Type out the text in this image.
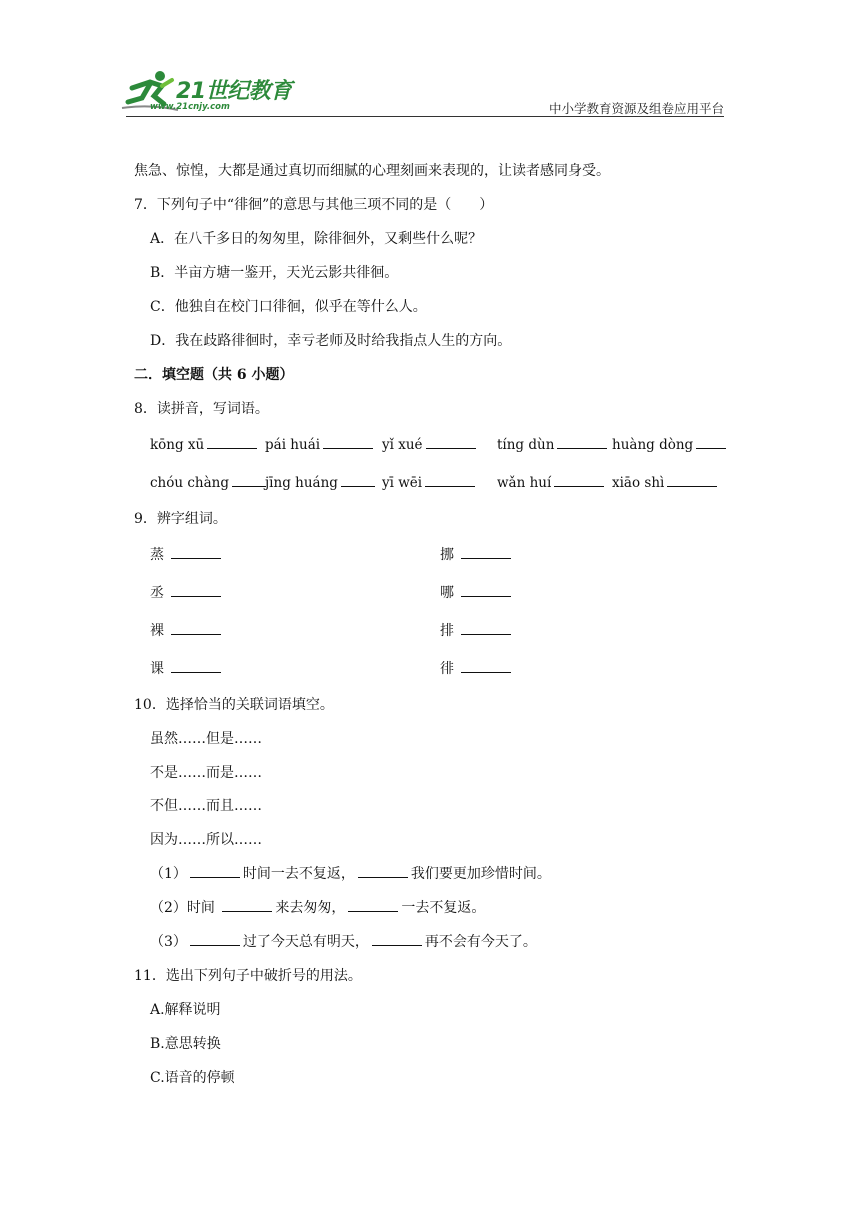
21世纪教育
www.21cnjy.com	中小学教育资源及组卷应用平台
焦急、惊惶，大都是通过真切而细腻的心理刻画来表现的，让读者感同身受。
7．下列句子中“徘徊”的意思与其他三项不同的是（　　）
A．在八千多日的匆匆里，除徘徊外，又剩些什么呢？
B．半亩方塘一鉴开，天光云影共徘徊。
C．他独自在校门口徘徊，似乎在等什么人。
D．我在歧路徘徊时，幸亏老师及时给我指点人生的方向。
二．填空题（共 6 小题）
8．读拼音，写词语。
kōng xū	pái huái	yǐ xué	tíng dùn	huàng dòng
chóu chàng	jīng huáng	yī wēi	wǎn huí	xiāo shì
9．辨字组词。
蒸	挪
丞	哪
裸	排
课	徘
10．选择恰当的关联词语填空。
虽然……但是……
不是……而是……
不但……而且……
因为……所以……
（1）	时间一去不复返，	我们要更加珍惜时间。
（2）时间	来去匆匆，	一去不复返。
（3）	过了今天总有明天，	再不会有今天了。
11．选出下列句子中破折号的用法。
A.解释说明
B.意思转换
C.语音的停顿
